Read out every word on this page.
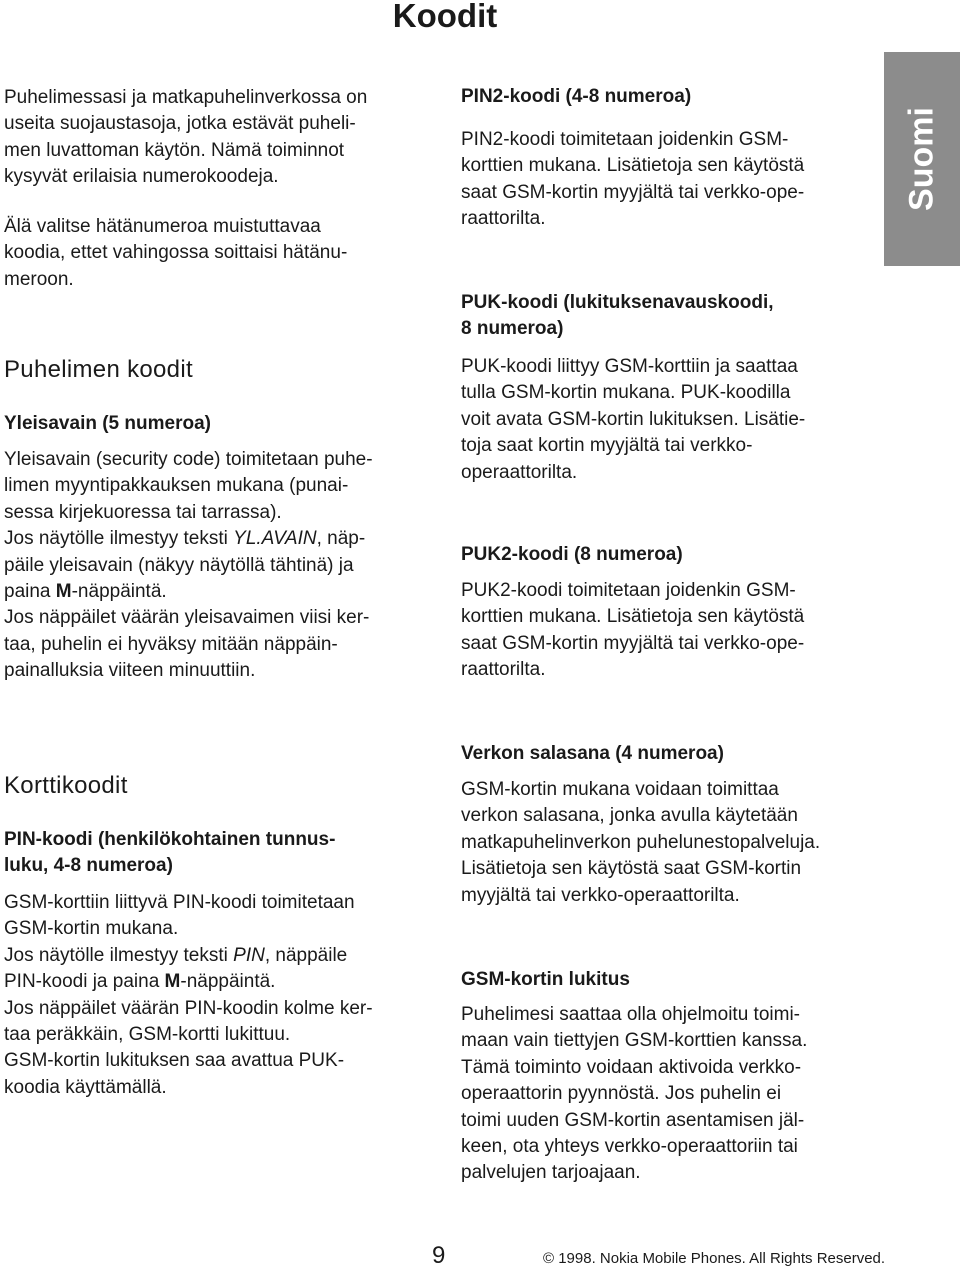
Koodit
Suomi

Puhelimessasi ja matkapuhelinverkossa on

useita suojaustasoja, jotka estävät puheli-

men luvattoman käytön. Nämä toiminnot

kysyvät erilaisia numerokoodeja.

Älä valitse hätänumeroa muistuttavaa

koodia, ettet vahingossa soittaisi hätänu-

meroon.

Puhelimen koodit
Yleisavain (5 numeroa)

Yleisavain (security code) toimitetaan puhe-

limen myyntipakkauksen mukana (punai-

sessa kirjekuoressa tai tarrassa).

Jos näytölle ilmestyy teksti YL.AVAIN, näp-

päile yleisavain (näkyy näytöllä tähtinä) ja

paina M-näppäintä.

Jos näppäilet väärän yleisavaimen viisi ker-

taa, puhelin ei hyväksy mitään näppäin-

painalluksia viiteen minuuttiin.

PIN2-koodi (4-8 numeroa)

PIN2-koodi toimitetaan joidenkin GSM-

korttien mukana. Lisätietoja sen käytöstä

saat GSM-kortin myyjältä tai verkko-ope-

raattorilta.

PUK-koodi (lukituksenavauskoodi,
8 numeroa)

PUK-koodi liittyy GSM-korttiin ja saattaa

tulla GSM-kortin mukana. PUK-koodilla

voit avata GSM-kortin lukituksen. Lisätie-

toja saat kortin myyjältä tai verkko-

operaattorilta.

PUK2-koodi (8 numeroa)

PUK2-koodi toimitetaan joidenkin GSM-

korttien mukana. Lisätietoja sen käytöstä

saat GSM-kortin myyjältä tai verkko-ope-

raattorilta.

Korttikoodit
PIN-koodi (henkilökohtainen tunnus-
luku, 4-8 numeroa)

GSM-korttiin liittyvä PIN-koodi toimitetaan

GSM-kortin mukana.

Jos näytölle ilmestyy teksti PIN, näppäile

PIN-koodi ja paina M-näppäintä.

Jos näppäilet väärän PIN-koodin kolme ker-

taa peräkkäin, GSM-kortti lukittuu.

GSM-kortin lukituksen saa avattua PUK-

koodia käyttämällä.

Verkon salasana (4 numeroa)

GSM-kortin mukana voidaan toimittaa

verkon salasana, jonka avulla käytetään

matkapuhelinverkon puhelunestopalveluja.

Lisätietoja sen käytöstä saat GSM-kortin

myyjältä tai verkko-operaattorilta.

GSM-kortin lukitus

Puhelimesi saattaa olla ohjelmoitu toimi-

maan vain tiettyjen GSM-korttien kanssa.

Tämä toiminto voidaan aktivoida verkko-

operaattorin pyynnöstä. Jos puhelin ei

toimi uuden GSM-kortin asentamisen jäl-

keen, ota yhteys verkko-operaattoriin tai

palvelujen tarjoajaan.

9	© 1998. Nokia Mobile Phones. All Rights Reserved.
